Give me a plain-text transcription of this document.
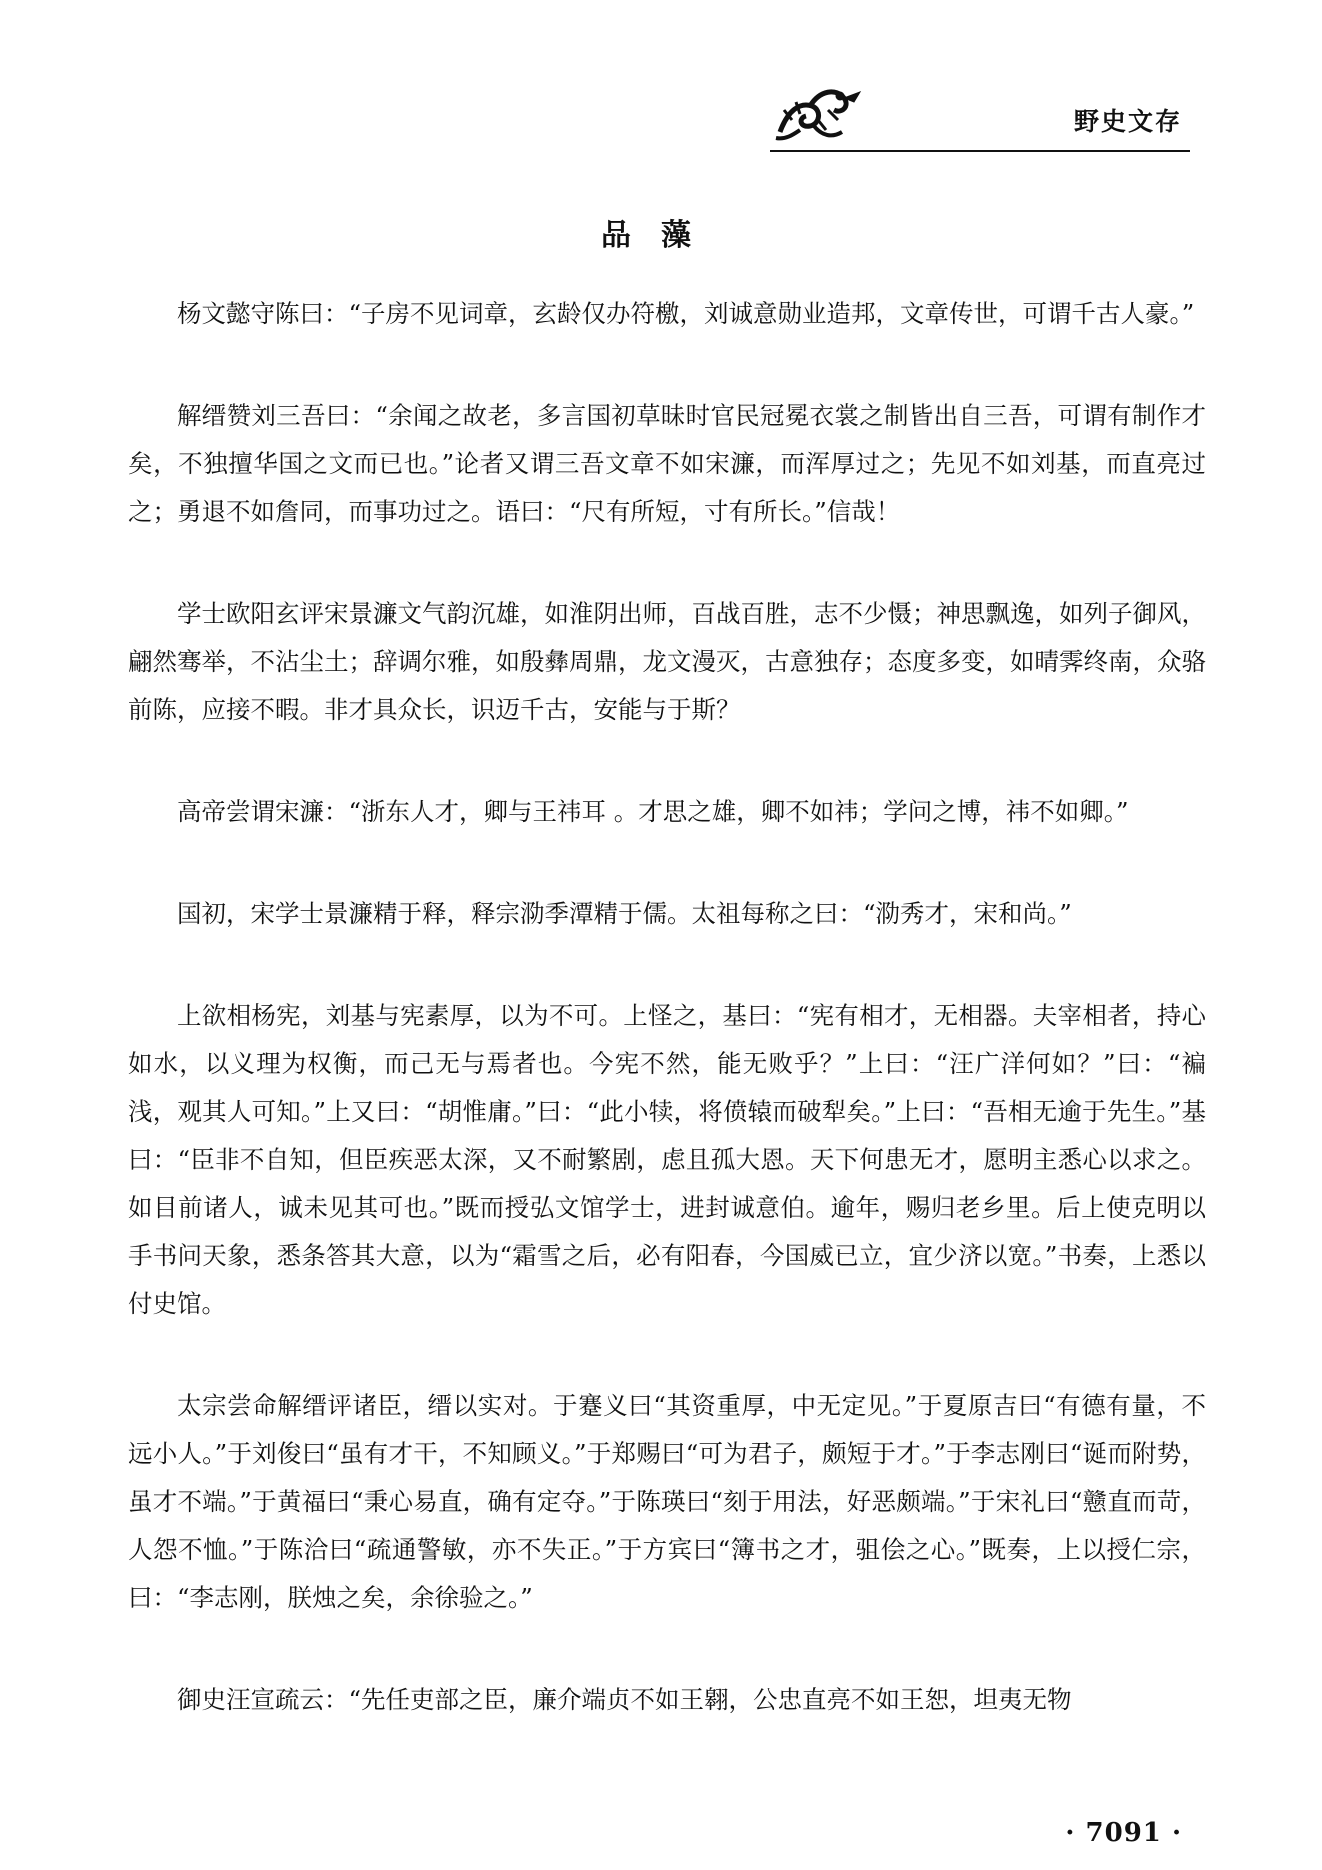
野史文存
品藻

杨文懿守陈曰：“子房不见词章，玄龄仅办符檄，刘诚意勋业造邦，文章传世，可谓千古人豪。”

解缙赞刘三吾曰：“余闻之故老，多言国初草昧时官民冠冕衣裳之制皆出自三吾，可谓有制作才矣，不独擅华国之文而已也。”论者又谓三吾文章不如宋濂，而浑厚过之；先见不如刘基，而直亮过之；勇退不如詹同，而事功过之。语曰：“尺有所短，寸有所长。”信哉！

学士欧阳玄评宋景濂文气韵沉雄，如淮阴出师，百战百胜，志不少慑；神思飘逸，如列子御风，翩然骞举，不沾尘土；辞调尔雅，如殷彝周鼎，龙文漫灭，古意独存；态度多变，如晴霁终南，众骆前陈，应接不暇。非才具众长，识迈千古，安能与于斯？

高帝尝谓宋濂：“浙东人才，卿与王祎耳 。才思之雄，卿不如祎；学问之博，祎不如卿。”

国初，宋学士景濂精于释，释宗泐季潭精于儒。太祖每称之曰：“泐秀才，宋和尚。”

上欲相杨宪，刘基与宪素厚，以为不可。上怪之，基曰：“宪有相才，无相器。夫宰相者，持心如水，以义理为权衡，而己无与焉者也。今宪不然，能无败乎？”上曰：“汪广洋何如？”曰：“褊浅，观其人可知。”上又曰：“胡惟庸。”曰：“此小犊，将偾辕而破犁矣。”上曰：“吾相无逾于先生。”基曰：“臣非不自知，但臣疾恶太深，又不耐繁剧，虑且孤大恩。天下何患无才，愿明主悉心以求之。如目前诸人，诚未见其可也。”既而授弘文馆学士，进封诚意伯。逾年，赐归老乡里。后上使克明以手书问天象，悉条答其大意，以为“霜雪之后，必有阳春，今国威已立，宜少济以宽。”书奏，上悉以付史馆。

太宗尝命解缙评诸臣，缙以实对。于蹇义曰“其资重厚，中无定见。”于夏原吉曰“有德有量，不远小人。”于刘俊曰“虽有才干，不知顾义。”于郑赐曰“可为君子，颇短于才。”于李志刚曰“诞而附势，虽才不端。”于黄福曰“秉心易直，确有定夺。”于陈瑛曰“刻于用法，好恶颇端。”于宋礼曰“戆直而苛，人怨不恤。”于陈洽曰“疏通警敏，亦不失正。”于方宾曰“簿书之才，驵侩之心。”既奏，上以授仁宗，曰：“李志刚，朕烛之矣，余徐验之。”

御史汪宣疏云：“先任吏部之臣，廉介端贞不如王翱，公忠直亮不如王恕，坦夷无物

· 7091 ·
